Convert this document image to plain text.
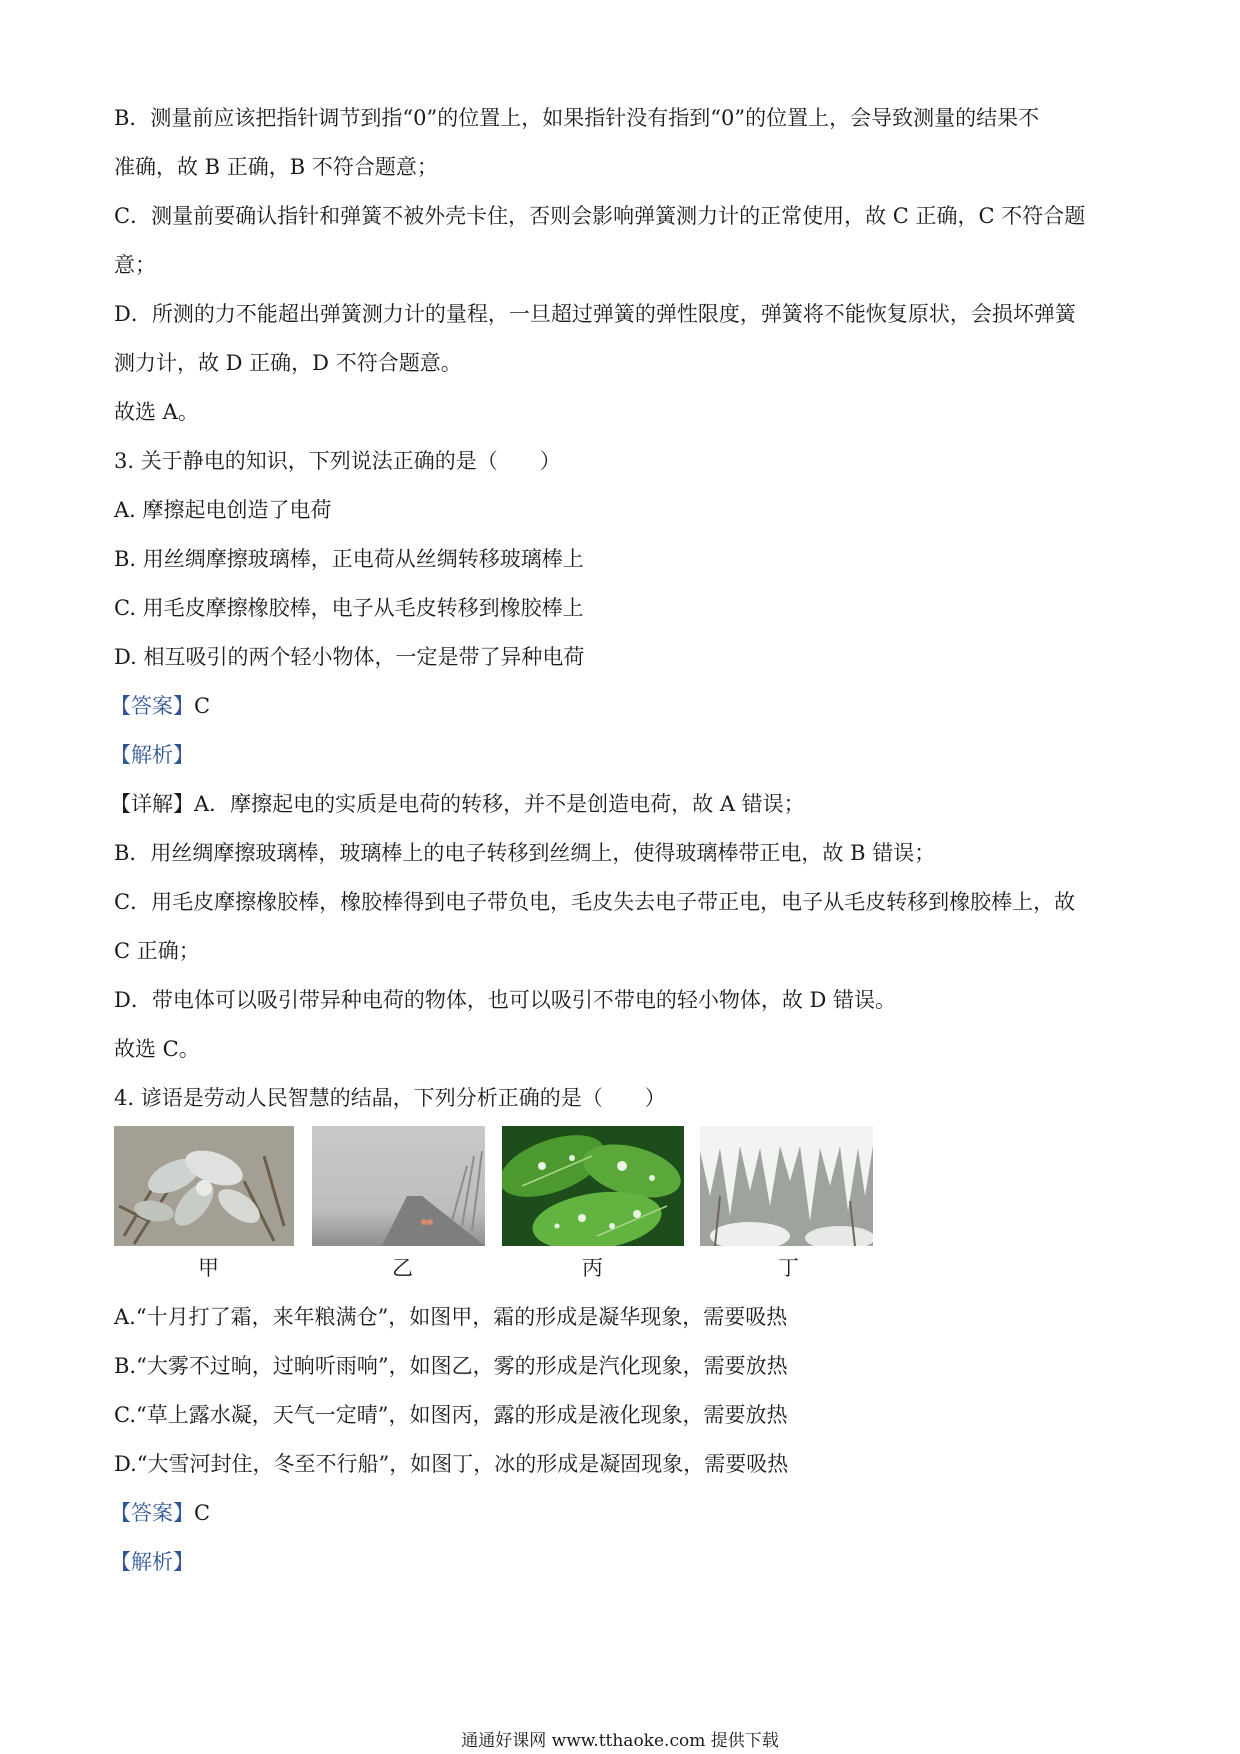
B．测量前应该把指针调节到指“0”的位置上，如果指针没有指到“0”的位置上，会导致测量的结果不
准确，故 B 正确，B 不符合题意；
C．测量前要确认指针和弹簧不被外壳卡住，否则会影响弹簧测力计的正常使用，故 C 正确，C 不符合题
意；
D．所测的力不能超出弹簧测力计的量程，一旦超过弹簧的弹性限度，弹簧将不能恢复原状，会损坏弹簧
测力计，故 D 正确，D 不符合题意。
故选 A。
3. 关于静电的知识，下列说法正确的是（　　）
A. 摩擦起电创造了电荷
B. 用丝绸摩擦玻璃棒，正电荷从丝绸转移玻璃棒上
C. 用毛皮摩擦橡胶棒，电子从毛皮转移到橡胶棒上
D. 相互吸引的两个轻小物体，一定是带了异种电荷
【答案】C
【解析】
【详解】A．摩擦起电的实质是电荷的转移，并不是创造电荷，故 A 错误；
B．用丝绸摩擦玻璃棒，玻璃棒上的电子转移到丝绸上，使得玻璃棒带正电，故 B 错误；
C．用毛皮摩擦橡胶棒，橡胶棒得到电子带负电，毛皮失去电子带正电，电子从毛皮转移到橡胶棒上，故
C 正确；
D．带电体可以吸引带异种电荷的物体，也可以吸引不带电的轻小物体，故 D 错误。
故选 C。
4. 谚语是劳动人民智慧的结晶，下列分析正确的是（　　）
甲	乙	丙	丁
A.“十月打了霜，来年粮满仓”，如图甲，霜的形成是凝华现象，需要吸热
B.“大雾不过晌，过晌听雨响”，如图乙，雾的形成是汽化现象，需要放热
C.“草上露水凝，天气一定晴”，如图丙，露的形成是液化现象，需要放热
D.“大雪河封住，冬至不行船”，如图丁，冰的形成是凝固现象，需要吸热
【答案】C
【解析】
通通好课网 www.tthaoke.com 提供下载
